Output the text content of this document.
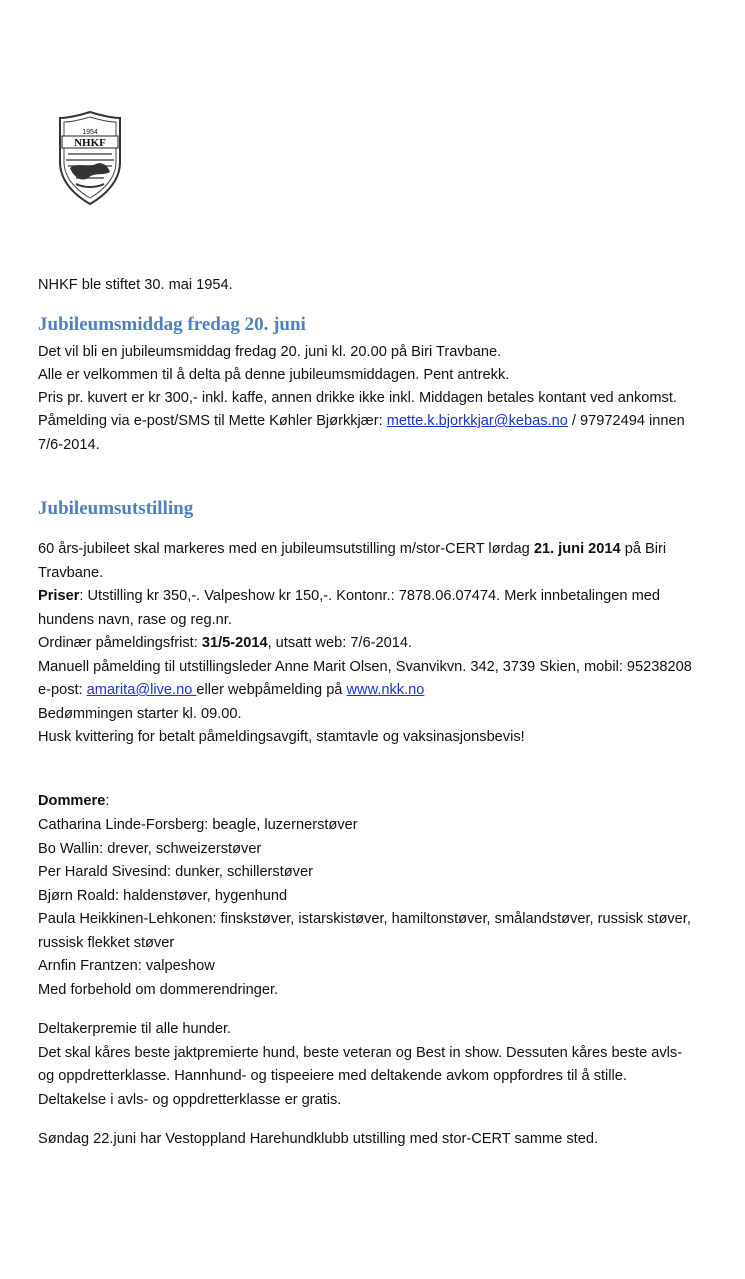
1954
NHKF

NHKF ble stiftet 30. mai 1954.

Jubileumsmiddag fredag 20. juni

Det vil bli en jubileumsmiddag fredag 20. juni kl. 20.00 på Biri Travbane.

Alle er velkommen til å delta på denne jubileumsmiddagen. Pent antrekk.

Pris pr. kuvert er kr 300,- inkl. kaffe, annen drikke ikke inkl. Middagen betales kontant ved ankomst.

Påmelding via e-post/SMS til Mette Køhler Bjørkkjær: mette.k.bjorkkjar@kebas.no / 97972494 innen

7/6-2014.

Jubileumsutstilling

60 års-jubileet skal markeres med en jubileumsutstilling m/stor-CERT lørdag 21. juni 2014 på Biri

Travbane.

Priser: Utstilling kr 350,-. Valpeshow kr 150,-. Kontonr.: 7878.06.07474. Merk innbetalingen med

hundens navn, rase og reg.nr.

Ordinær påmeldingsfrist: 31/5-2014, utsatt web: 7/6-2014.

Manuell påmelding til utstillingsleder Anne Marit Olsen, Svanvikvn. 342, 3739 Skien, mobil: 95238208

e-post: amarita@live.no eller webpåmelding på www.nkk.no

Bedømmingen starter kl. 09.00.

Husk kvittering for betalt påmeldingsavgift, stamtavle og vaksinasjonsbevis!

Dommere:

Catharina Linde-Forsberg: beagle, luzernerstøver

Bo Wallin: drever, schweizerstøver

Per Harald Sivesind: dunker, schillerstøver

Bjørn Roald: haldenstøver, hygenhund

Paula Heikkinen-Lehkonen: finskstøver, istarskistøver, hamiltonstøver, smålandstøver, russisk støver,

russisk flekket støver

Arnfin Frantzen: valpeshow

Med forbehold om dommerendringer.

Deltakerpremie til alle hunder.

Det skal kåres beste jaktpremierte hund, beste veteran og Best in show. Dessuten kåres beste avls-

og oppdretterklasse. Hannhund- og tispeeiere med deltakende avkom oppfordres til å stille.

Deltakelse i avls- og oppdretterklasse er gratis.

Søndag 22.juni har Vestoppland Harehundklubb utstilling med stor-CERT samme sted.
